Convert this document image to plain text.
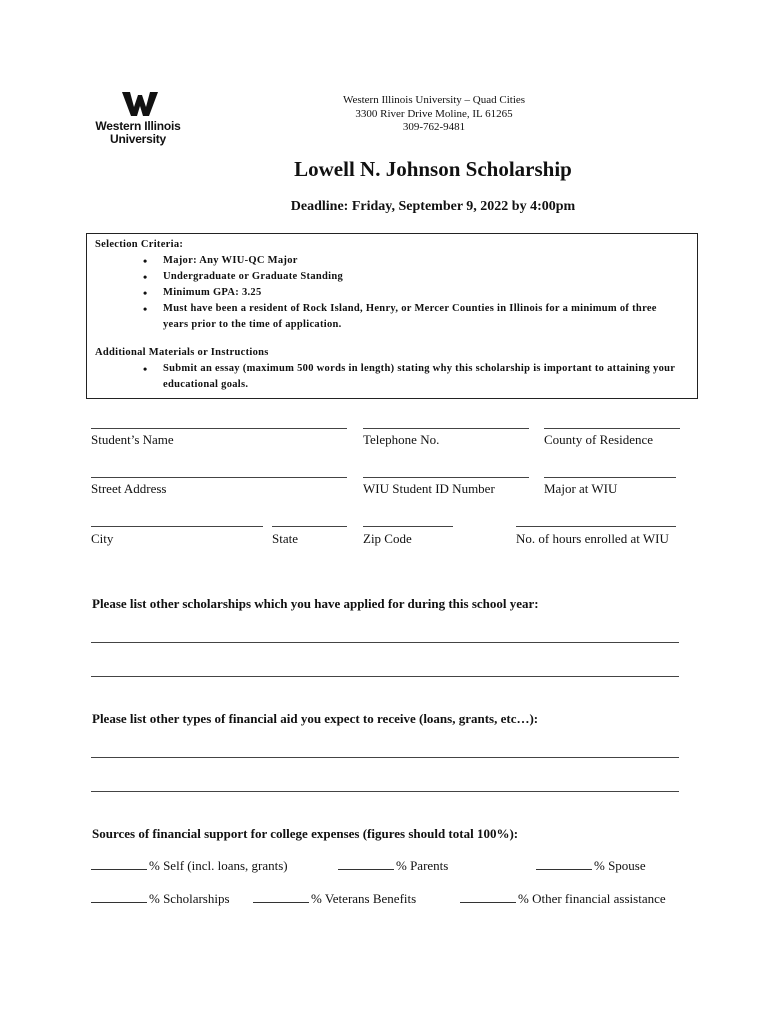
Western Illinois
University
Western Illinois University – Quad Cities
3300 River Drive Moline, IL 61265
309-762-9481
Lowell N. Johnson Scholarship
Deadline: Friday, September 9, 2022 by 4:00pm
Selection Criteria:
• Major: Any WIU-QC Major
• Undergraduate or Graduate Standing
• Minimum GPA: 3.25
• Must have been a resident of Rock Island, Henry, or Mercer Counties in Illinois for a minimum of three years prior to the time of application.
Additional Materials or Instructions
• Submit an essay (maximum 500 words in length) stating why this scholarship is important to attaining your educational goals.
Student’s Name	Telephone No.	County of Residence
Street Address	WIU Student ID Number	Major at WIU
City	State	Zip Code	No. of hours enrolled at WIU
Please list other scholarships which you have applied for during this school year:
Please list other types of financial aid you expect to receive (loans, grants, etc…):
Sources of financial support for college expenses (figures should total 100%):
% Self (incl. loans, grants)	% Parents	% Spouse
% Scholarships	% Veterans Benefits	% Other financial assistance
